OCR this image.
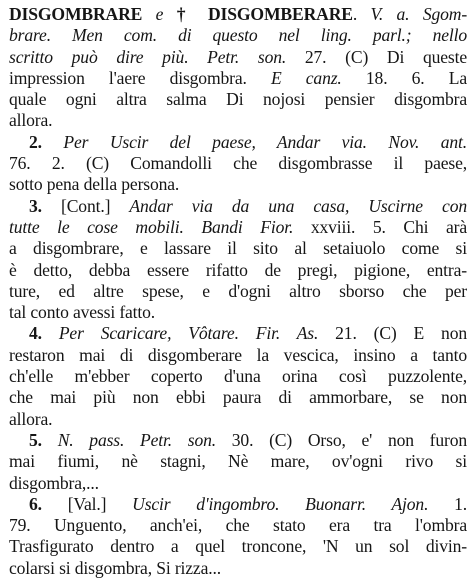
DISGOMBRARE e † DISGOMBERARE. V. a. Sgom-
brare. Men com. di questo nel ling. parl.; nello
scritto può dire più. Petr. son. 27. (C) Di queste
impression l'aere disgombra. E canz. 18. 6. La
quale ogni altra salma Di nojosi pensier disgombra
allora.
2. Per Uscir del paese, Andar via. Nov. ant.
76. 2. (C) Comandolli che disgombrasse il paese,
sotto pena della persona.
3. [Cont.] Andar via da una casa, Uscirne con
tutte le cose mobili. Bandi Fior. xxviii. 5. Chi arà
a disgombrare, e lassare il sito al setaiuolo come si
è detto, debba essere rifatto de pregi, pigione, entra-
ture, ed altre spese, e d'ogni altro sborso che per
tal conto avessi fatto.
4. Per Scaricare, Vôtare. Fir. As. 21. (C) E non
restaron mai di disgomberare la vescica, insino a tanto
ch'elle m'ebber coperto d'una orina così puzzolente,
che mai più non ebbi paura di ammorbare, se non
allora.
5. N. pass. Petr. son. 30. (C) Orso, e' non furon
mai fiumi, nè stagni, Nè mare, ov'ogni rivo si
disgombra,...
6. [Val.] Uscir d'ingombro. Buonarr. Ajon. 1.
79. Unguento, anch'ei, che stato era tra l'ombra
Trasfigurato dentro a quel troncone, 'N un sol divin-
colarsi si disgombra, Si rizza...
